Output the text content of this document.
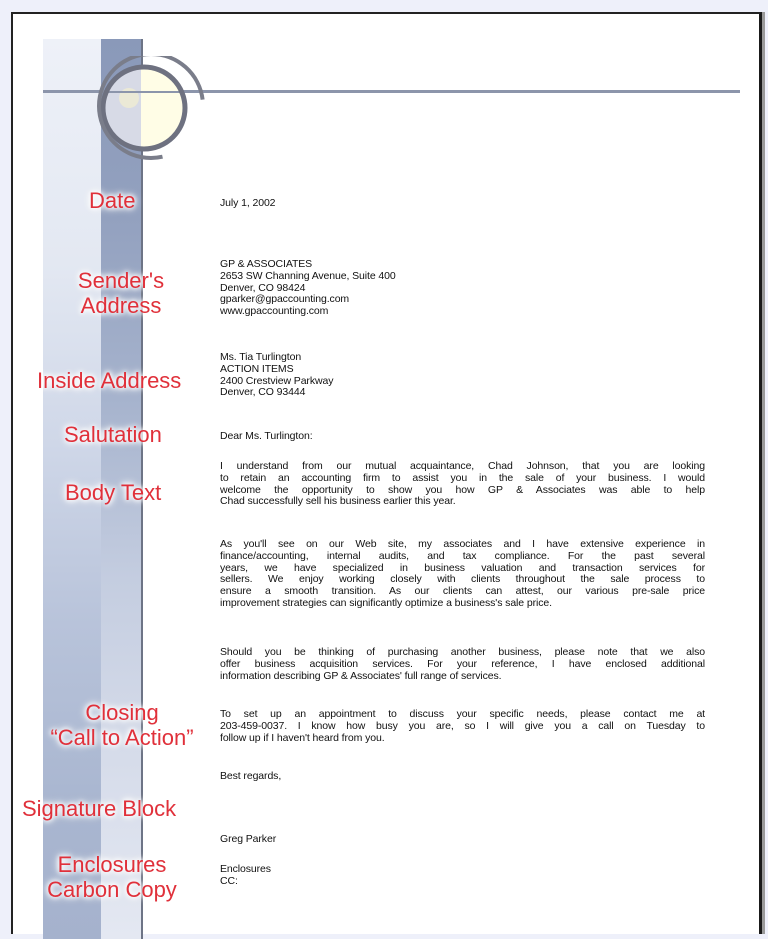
Date
Sender's
Address
Inside Address
Salutation
Body Text
Closing
“Call to Action”
Signature Block
Enclosures
Carbon Copy
July 1, 2002
GP & ASSOCIATES
2653 SW Channing Avenue, Suite 400
Denver, CO 98424
gparker@gpaccounting.com
www.gpaccounting.com
Ms. Tia Turlington
ACTION ITEMS
2400 Crestview Parkway
Denver, CO 93444
Dear Ms. Turlington:
I understand from our mutual acquaintance, Chad Johnson, that you are looking
to retain an accounting firm to assist you in the sale of your business. I would
welcome the opportunity to show you how GP & Associates was able to help
Chad successfully sell his business earlier this year.
As you'll see on our Web site, my associates and I have extensive experience in
finance/accounting, internal audits, and tax compliance. For the past several
years, we have specialized in business valuation and transaction services for
sellers. We enjoy working closely with clients throughout the sale process to
ensure a smooth transition. As our clients can attest, our various pre-sale price
improvement strategies can significantly optimize a business's sale price.
Should you be thinking of purchasing another business, please note that we also
offer business acquisition services. For your reference, I have enclosed additional
information describing GP & Associates' full range of services.
To set up an appointment to discuss your specific needs, please contact me at
203-459-0037. I know how busy you are, so I will give you a call on Tuesday to
follow up if I haven't heard from you.
Best regards,
Greg Parker
Enclosures
CC:
